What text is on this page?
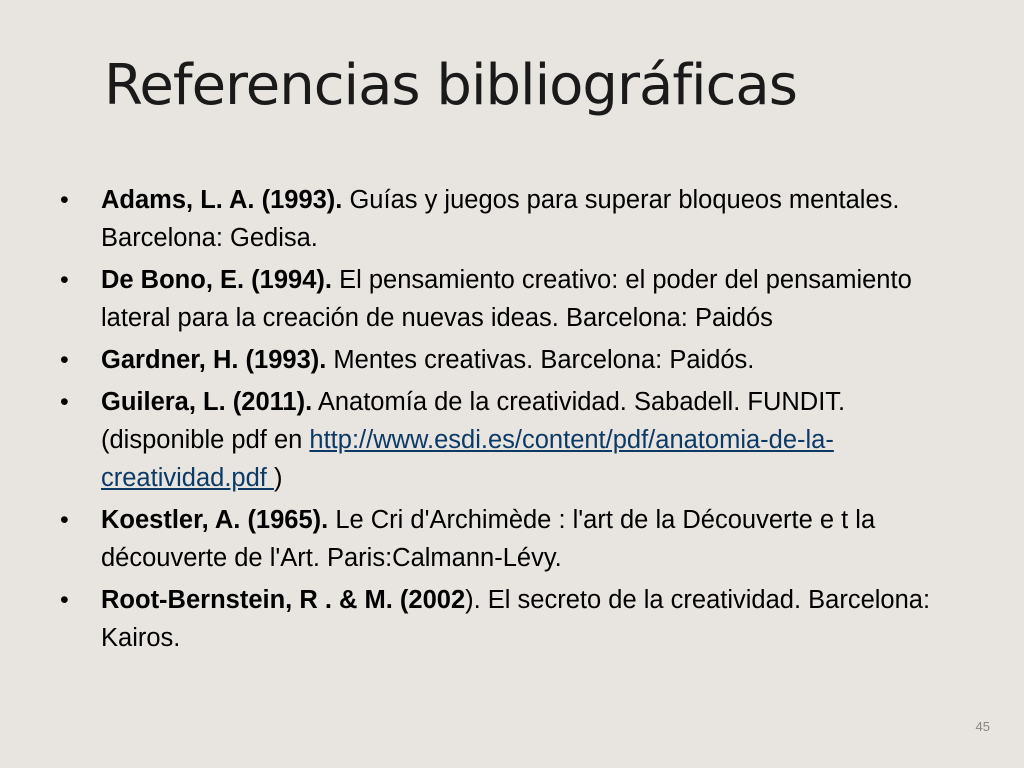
Referencias bibliográficas
• Adams, L. A. (1993). Guías y juegos para superar bloqueos mentales. Barcelona: Gedisa.
• De Bono, E. (1994). El pensamiento creativo: el poder del pensamiento lateral para la creación de nuevas ideas. Barcelona: Paidós
• Gardner, H. (1993). Mentes creativas. Barcelona: Paidós.
• Guilera, L. (2011). Anatomía de la creatividad. Sabadell. FUNDIT. (disponible pdf en http://www.esdi.es/content/pdf/anatomia-de-la-creatividad.pdf )
• Koestler, A. (1965). Le Cri d'Archimède : l'art de la Découverte e t la découverte de l'Art. Paris:Calmann-Lévy.
• Root-Bernstein, R . & M. (2002). El secreto de la creatividad. Barcelona: Kairos.
45
